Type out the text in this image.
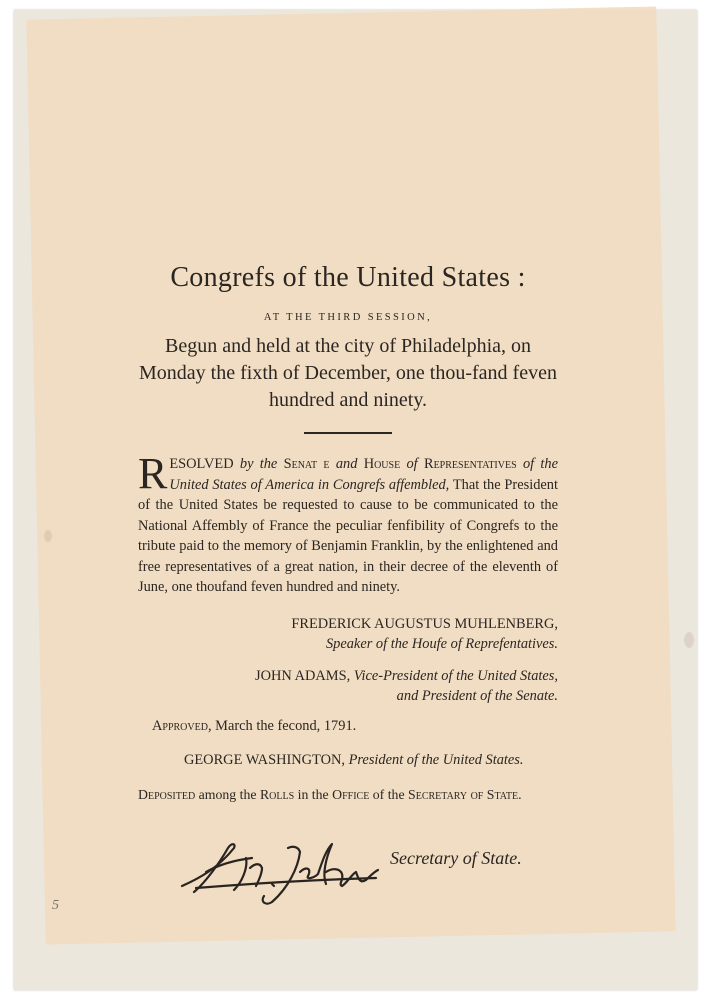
Congrefs of the United States :
AT THE THIRD SESSION,
Begun and held at the city of Philadelphia, on Monday the fixth of December, one thou-fand feven hundred and ninety.
R ESOLVED by the Senat e and House of Representatives of the United States of America in Congrefs affembled, That the President of the United States be requested to cause to be communicated to the National Affembly of France the peculiar fenfibility of Congrefs to the tribute paid to the memory of Benjamin Franklin, by the enlightened and free representatives of a great nation, in their decree of the eleventh of June, one thoufand feven hundred and ninety.
FREDERICK AUGUSTUS MUHLENBERG,
Speaker of the Houfe of Reprefentatives.
JOHN ADAMS, Vice-President of the United States,
and President of the Senate.
Approved, March the fecond, 1791.
GEORGE WASHINGTON, President of the United States.
Deposited among the Rolls in the Office of the Secretary of State.
Secretary of State.
5
